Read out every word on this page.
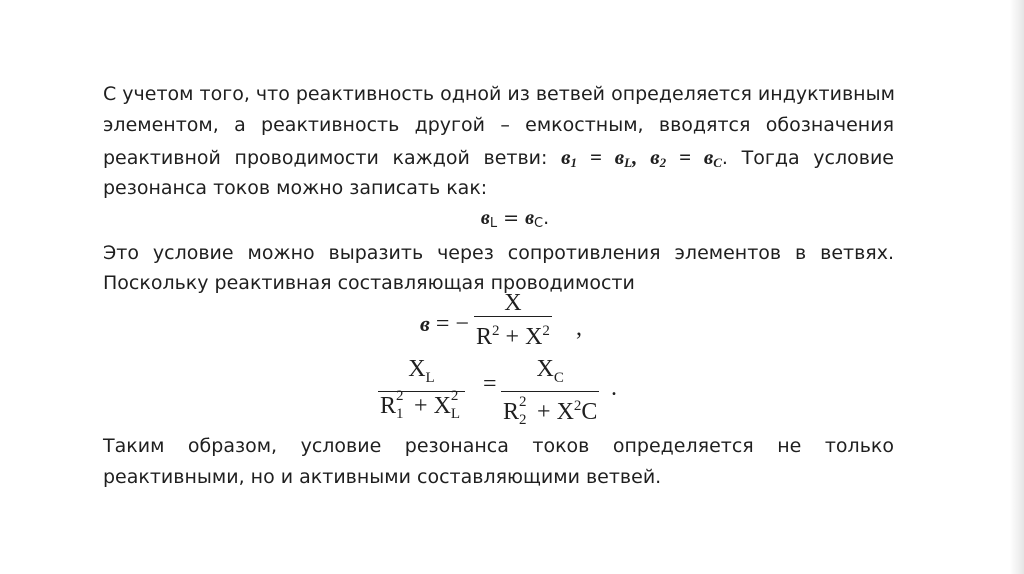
С учетом того, что реактивность одной из ветвей определяется индуктивным
элементом, а реактивность другой – емкостным, вводятся обозначения
реактивной проводимости каждой ветви: $в_1 = в_L$, $в_2 = в_C$. Тогда условие
резонанса токов можно записать как:
$в_L = в_C$.
Это условие можно выразить через сопротивления элементов в ветвях.
Поскольку реактивная составляющая проводимости
в = −
X
$R^2 + X^2$ ,
$X_L$
R 2
1 + X 2
L
=
$X_C$
R 2
$2 + X^2C$
.
Таким образом, условие резонанса токов определяется не только
реактивными, но и активными составляющими ветвей.
